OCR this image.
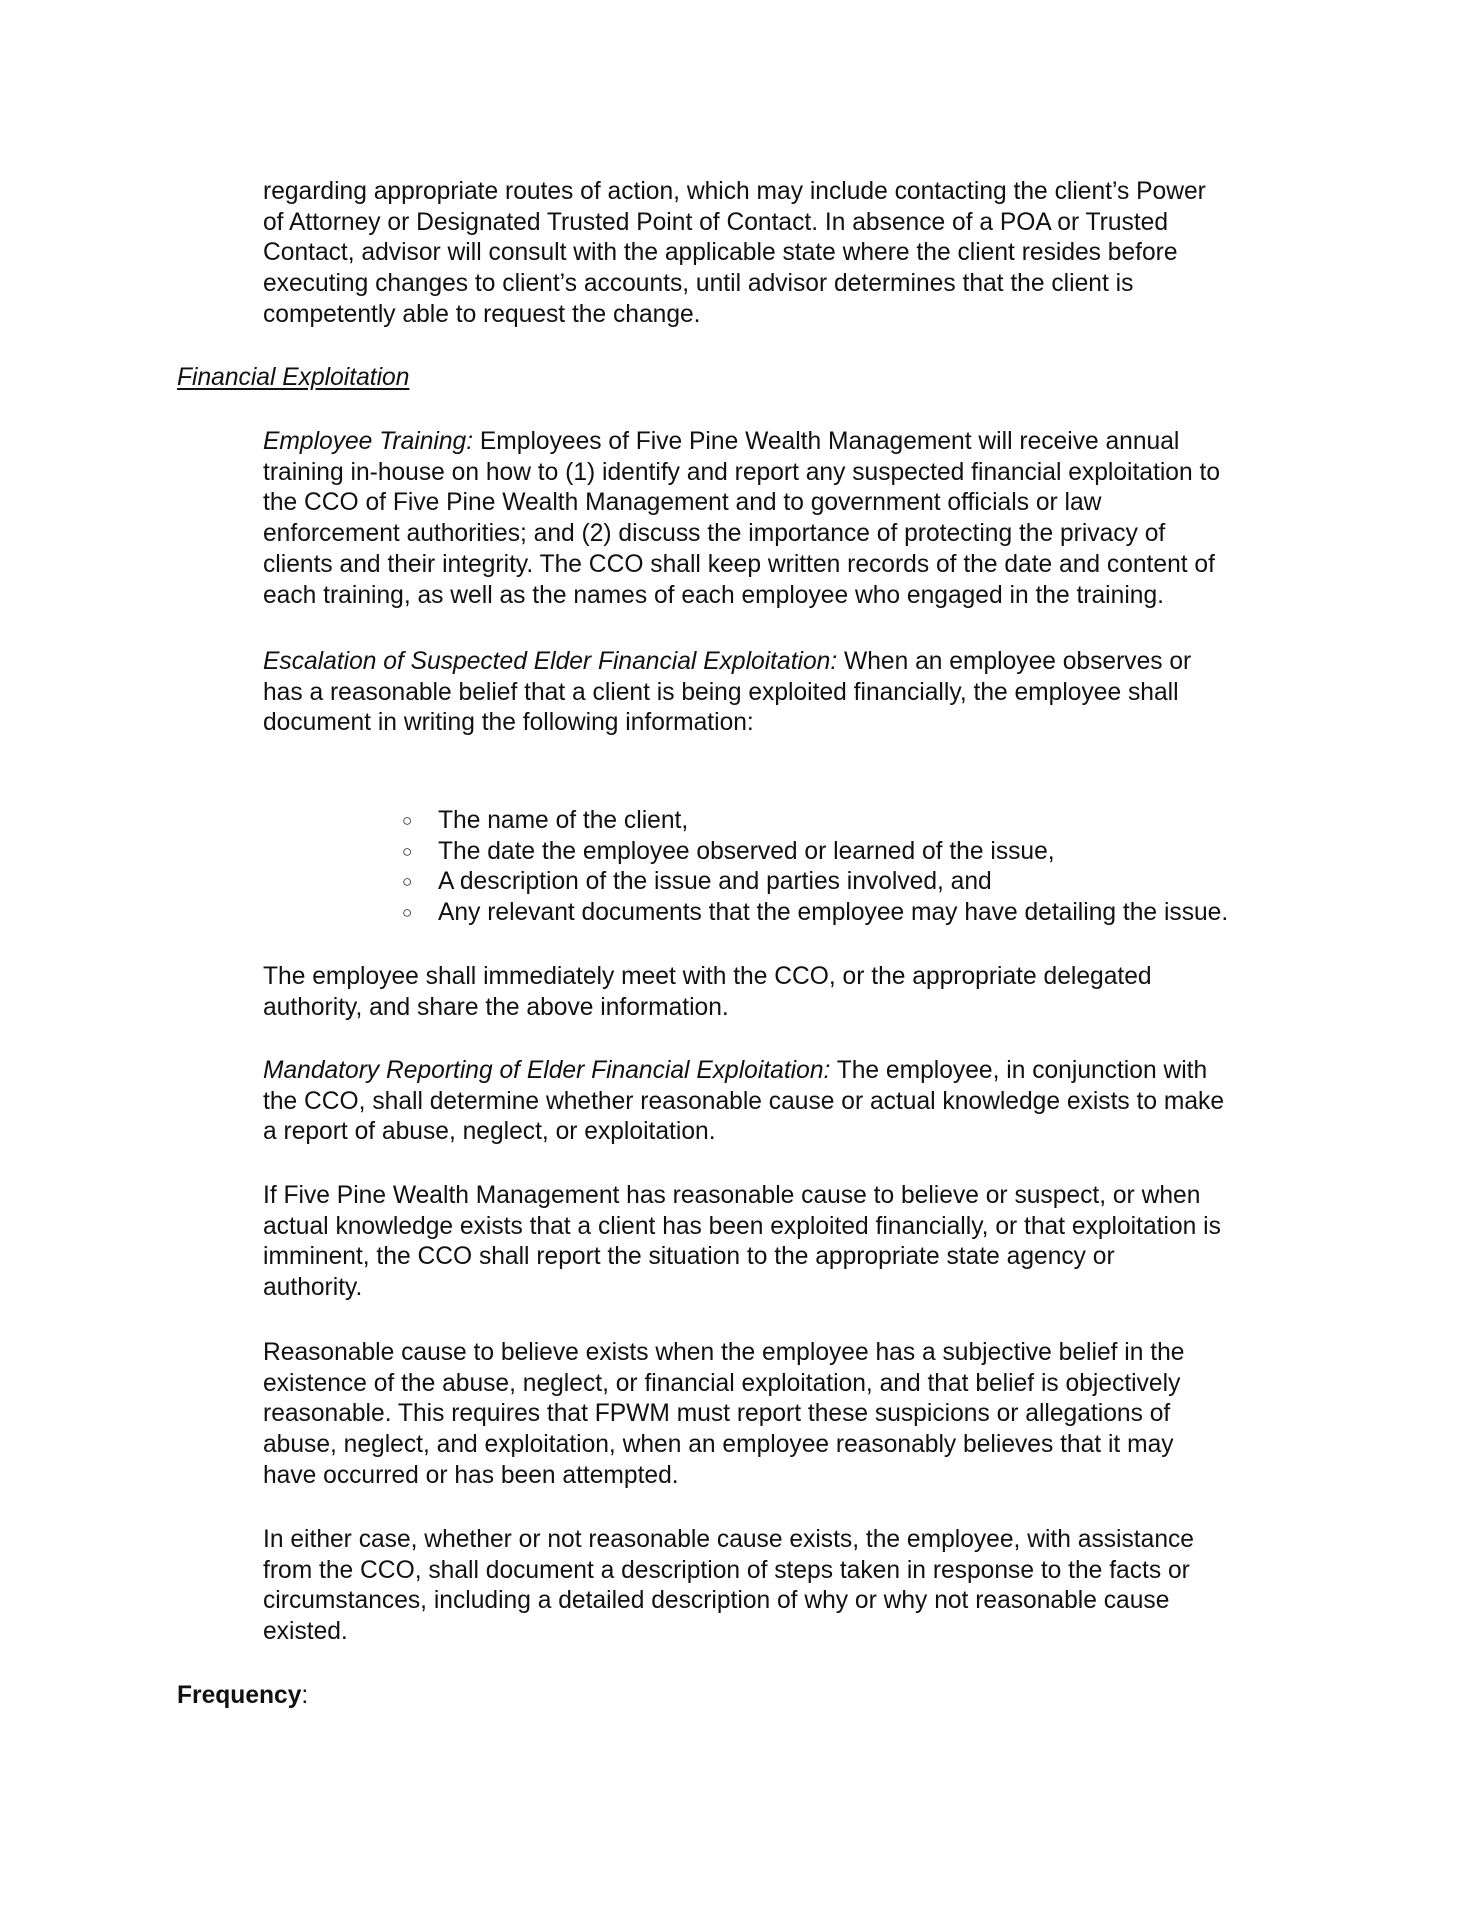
regarding appropriate routes of action, which may include contacting the client’s Power
of Attorney or Designated Trusted Point of Contact. In absence of a POA or Trusted
Contact, advisor will consult with the applicable state where the client resides before
executing changes to client’s accounts, until advisor determines that the client is
competently able to request the change.
Financial Exploitation
Employee Training: Employees of Five Pine Wealth Management will receive annual
training in-house on how to (1) identify and report any suspected financial exploitation to
the CCO of Five Pine Wealth Management and to government officials or law
enforcement authorities; and (2) discuss the importance of protecting the privacy of
clients and their integrity. The CCO shall keep written records of the date and content of
each training, as well as the names of each employee who engaged in the training.
Escalation of Suspected Elder Financial Exploitation: When an employee observes or
has a reasonable belief that a client is being exploited financially, the employee shall
document in writing the following information:
○ The name of the client,
○ The date the employee observed or learned of the issue,
○ A description of the issue and parties involved, and
○ Any relevant documents that the employee may have detailing the issue.
The employee shall immediately meet with the CCO, or the appropriate delegated
authority, and share the above information.
Mandatory Reporting of Elder Financial Exploitation: The employee, in conjunction with
the CCO, shall determine whether reasonable cause or actual knowledge exists to make
a report of abuse, neglect, or exploitation.
If Five Pine Wealth Management has reasonable cause to believe or suspect, or when
actual knowledge exists that a client has been exploited financially, or that exploitation is
imminent, the CCO shall report the situation to the appropriate state agency or
authority.
Reasonable cause to believe exists when the employee has a subjective belief in the
existence of the abuse, neglect, or financial exploitation, and that belief is objectively
reasonable. This requires that FPWM must report these suspicions or allegations of
abuse, neglect, and exploitation, when an employee reasonably believes that it may
have occurred or has been attempted.
In either case, whether or not reasonable cause exists, the employee, with assistance
from the CCO, shall document a description of steps taken in response to the facts or
circumstances, including a detailed description of why or why not reasonable cause
existed.
Frequency:
